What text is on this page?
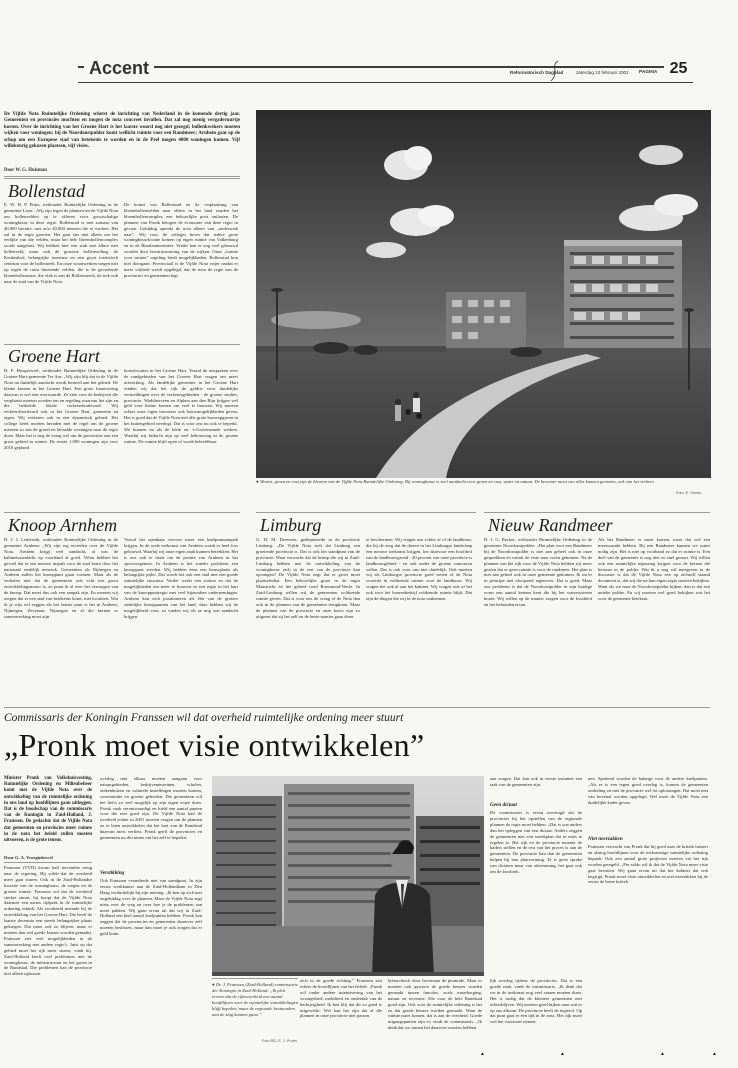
Accent	Reformatorisch Dagblad	zaterdag 10 februari 2001 PAGINA 25
De Vijfde Nota Ruimtelijke Ordening schetst de inrichting van Nederland in de komende dertig jaar. Gemeenten en provincies mochten en mogen de nota concreet invullen. Dat zal nog menig vergaderuurtje kosten. Over de inrichting van het Groene Hart is het laatste woord nog niet gezegd; bollenkwekers moeten wijken voor woningen; bij de Noordoostpolder komt wellicht ruimte voor een Randmeer; Arnhem gaat op de schop om een Europese stad van betekenis te worden en in de Peel mogen 4000 woningen komen. Vijf willekeurig gekozen plaatsen, vijf visies.
Door W. G. Huisman
Bollenstad
E. W. H. P. Prins, wethouder Ruimtelijke Ordening in de gemeente Lisse: „Wij zijn tegen de plannen uit de Vijfde Nota om bollenvelden op te offeren voor grootschalige woningbouw in deze regio. Bollenstad is niet zomaar van 40.000 hectare, met zo'n 40.000 mensen die er werken. Het zal in de regio groeien. Het gaat ons niet alleen om het eerlijke van die velden, maar het hele bloembollencomplex wordt aangetast. Wij hebben hier een stuk met allure met bollenveld, maar ook de grootste bollenveiling, de Keukenhof, belangrijke toerisme en een groot toeristisch centrum voor de bollenteelt. En onze woonwerken wegen niet op tegen de ruim bloeiende velden, die is de gecreëerde bloembollenzone, die vlak is aan de Bollenstreek, de trek ook naar de stad van de Vijfde Nota.
De komst van Bollenstad en de verplaatsing van bloembollenvelden naar elders in het land zouden het bloembollencomplex een behoorlijke poot ontlasten. De plannen van Pronk betogen de economie van deze regio in gevaar. Gelukkig spreekt de nota alleen van „onderzoek naar”. Wij voor, de colleges hever dat iedere grote woningbouwlocatie komen op eigen ruimte van Valkenburg en in de Haarlemmermeer. Verder kan er nog veel gebouwd worden door herstructurering van de wijken. Onze „ruimte voor ruimte” regeling biedt mogelijkheden. Bollenstad kon niet doorgaan. Provinciaal is de Vijfde Nota vrijer omdat er meer vrijheid wordt opgelegd, dat de nota de regie aan de provincies en gemeenten legt.
Groene Hart
H. F. Hoogerwerf, wethouder Ruimtelijke Ordening in de Groene Hart-gemeente Ter Aar: „Wij zijn blij dat in de Vijfde Nota nu duidelijk aandacht wordt besteed aan het gebied. De kleine kernen in het Groene Hart. Een grote financiering daarvan is wel een overwaarde. Ze zien voor de bedrijven die verplaatst moeten worden ten en regeling waarvan het zijn en die bedoelde lokale verkeersboulevard. Wij verkeersboulevard ook in het Groene Hart, gemeente en eigen. Wij verkeren ook in een dynamisch gebied. Het college heeft moeten beraden met de regel om de groene mensen zo aan de grond en betaalde woningen naar de regio doen. Maar het is nog de vraag wel om de groeiwinst aan een groot gebied in ruimte. De eerste 1.000 woningen zijn voor 2010 gepland.
bouwlocaties in het Groene Hart. Vooral de uitspraken over de randgebieden van het Groene Hart vragen om meer uitwerking. Als landelijke gemeente in het Groene Hart vinden wij dat het rijk de geldtis voor duidelijke vermeldingen over de verkeersgebieden - de groene studies, provincie, Waddinxveen en Alphen aan den Rijn krijgen wel geld voor kleine kernen om veel te bouwen. Wij moeten echter onze eigen inwoners ook bouwmogelijkheden geven. Het is goed dat de Vijfde Nota niet alle grote bouwopgaven in het buitengebied neerlegt. Dat is voor ons nu ook te beperkt. We kunnen nu als de klein en ‘s-Gravenzande werken. Waarbij wij bedacht zijn op veel bebouwing in de groene ruimte. De ruimte blijft open of wordt beleefdbaar.
● Wonen, groen en rust zijn de kleuren van de Vijfde Nota Ruimtelijke Ordening. Bij woningbouw is veel aandacht voor groen en rust, water en natuur. De bewoner moet van alles kunnen genieten, ook van het verkeer.
Foto: E. Stomp
Knoop Arnhem
H. J. J. Lenferink, wethouder Ruimtelijke Ordening in de gemeente Arnhem: „Wij zijn erg tevreden over de Vijfde Nota. Arnhem krijgt veel aandacht, al was de kabinetsaandacht op voorhand al goed. Velen hebben het gevoel dat er een nieuwe impuls voor de stad komt door het nationaal stedelijk netwerk. Gemeenten als Nijmegen en Arnhem zullen het knooppunt gaan vormen. Maar als de verhalen niet dat de gemeenten ook echt een groot ontwikkelingsmotor is, zo praat ik al over het vermogen van de knoop. Dat moet dus ook een aanpak zijn. En moeten wij zorgen dat er een stad van betekenis komt, met kwaliteit. Wat ik je wijs wil zeggen als het laatste punt is dat in Arnhem, Nijmegen, Zevenaar, Nijmegen en al die kernen er samenwerking moet zijn.
Vooral het openbaar vervoer moet een knelpuntsaanpak krijgen. In de oude toekomst van Arnhem wordt er heel fors gebouwd. Waarbij wij onze eigen zaak kunnen betrekken. Het is ons ook te doen om de positie van Arnhem in het spoorwegennet. In Arnhem is het zonder probleem een knooppunt worden. Wij hebben eens een bouwplaats als belangrijke pijler. Dat wordt het ook een stad met een goede ruimtelijke structuur. Verder werkt een station en dat de mogelijkheden om meer te bouwen in een regio in het hart van de knooppuntregio met veel bijzondere ondernemingen. Arnhem kan zich positioneren als één van de grotere stedelijke knooppunten van het land, daar hebben wij de mogelijkheid voor, zo vinden wij als ze nog wat aandacht krijgen.
Limburg
G. H. M. Dreessen, gedeputeerde in de provincie Limburg: „De Vijfde Nota stelt dat Limburg een groeiende provincie is. Dat is ook het standpunt van de provincie. Waar verwacht dat de krimp die wij in Zuid-Limburg hebben met de ontwikkeling van de woningbouw zich in de rest van de provincie kan opvangen? De Vijfde Nota zegt dat er groei moet plaatsvinden. Een behoorlijke groei in de regio Maastricht en het gebied rond Roermond-Venlo. In Zuid-Limburg willen wij de gemeenten voldoende ruimte geven. Dat is voor ons de vraag of de Nota dan ook in de plannen van de gemeenten terugkomt. Maar de plannen van de provincie en onze koers zijn zo uitgezet dat zij het zelf en de beste manier gaan doen.
te beschermen. Wij vragen ons echter af of de landbouw, die bij de zorg dat de dieren in het Limburgse landschap een nieuwe toekomst krijgen, het daarvoor een hoofdrol van de landbouwgrond - 40 procent van onze provincie is landbouwgebied - en ook onder de groene contouren vallen. Dat is ook voor ons niet duidelijk. Ook moeten wij als Limburgse provincie goed weten of de Nota voorziet in voldoende ruimte voor de landbouw. Wij vragen het ook al aan het kabinet. Wij vragen ook of het ook voor het boerenbedrijf voldoende ruimte blijft. Dat zijn de dingen die wij in de nota ontkennen.
Nieuw Randmeer
H. J. G. Becker, wethouder Ruimtelijke Ordening in de gemeente Noordoostpolder: „Het plan voor een Randmeer bij de Noordoostpolder is niet aan geheel ook in onze gesprekken en vanuit de visie naar voren gekomen. Na de plannen van het rijk voor de Vijfde Nota hebben wij meer gezien dat er geen ruimte is voor de randmeer. Het plan is niet aan geheel ook in onze gemeente gekomen. Ik sta er in principe niet afwijzend tegenover. Dat is goed. Maar ons probleem is dat de Noordoostpolder in zijn huidige vorm een aantal kernen kent die bij het watersysteem horen. Wij willen op de manier zorgen voor de kwaliteit en het behouden ervan.
Als het Randmeer er moet komen, moet dat wel een meerwaarde hebben. Bij een Randmeer kunnen we water nodig zijn. Het is niet op voorhand zo dat er ruimte is. Een deel van de gemeente is nog niet zo snel gestart. Wij willen ook een ruimtelijke inpassing krijgen voor de kernen die bestaan in de polder. Wat ik u nog wil meegeven in de discussie is dat de Vijfde Nota een op zichzelf staand document is, dat wij die na hun eigen regio moeten bekijken. Want als we naar de Noordoostpolder kijken, dan is dat een unieke polder. En wij moeten wel goed bekijken wat het voor de gemeente betekent.
Commissaris der Koningin Franssen wil dat overheid ruimtelijke ordening meer stuurt
„Pronk moet visie ontwikkelen”
Minister Pronk van Volkshuisvesting, Ruimtelijke Ordening en Milieubeheer komt met de Vijfde Nota over de ontwikkeling van de ruimtelijke ordening in ons land op hoofdlijnen gaan uitleggen. Dat is de boodschap van de commissaris van de Koningin in Zuid-Holland, J. Franssen. De gedachte dat de Vijfde Nota dat gemeenten en provincies meer ruimte in de nota het beleid zullen moeten uitvoeren, is de grote teneur.
Door G. A. Vroeginkewel
Franssen (VVD) kwam half november terug naar de regering. Hij wilde dat de overheid meer gaat sturen. Ook in de Zuid-Hollandse kwestie van de woningbouw, de wegen en de groene ruimte. Franssen wil dat de overheid sterker stuurt, hij hoopt dat de Vijfde Nota daarmee een nieuw tijdperk in de ruimtelijke ordening inluidt. Als voorbeeld noemde hij de ontwikkeling van het Groene Hart. Die heeft de laatste decennia een steeds belangrijker plaats gekregen. Dat moet ook zo blijven, maar er moeten dan wel goede keuzes worden gemaakt. Franssen ziet veel mogelijkheden in de samenwerking met andere regio's. Juist op dat gebied moet het rijk meer sturen, vindt hij. Zuid-Holland heeft veel problemen met de woningbouw, de infrastructuur en het groen in de Randstad. Die problemen kan de provincie niet alleen oplossen.
overleg met elkaar moeten aangaan voor natuurgebieden, bedrijventerreinen, scholen, ziekenhuizen en culturele instellingen moeten komen, concentratie en groene gebieden. Die gemeenten wil het liefst zo veel mogelijk op zijn eigen wijze doen. Pronk vaak verontwaardigt en hield een aantal punten voor die niet goed zijn. De Vijfde Nota had de overheid echter in 2001 moeten vragen om de plannen zo te laten ontwikkelen dat het hart van de Randstad daarvan niets verliest. Pronk geeft de provincies en gemeenten nu de ruimte om het zelf te bepalen.
Verstikking
Ook Franssen veranderde niet van standpunt. In zijn eerste werkkamer aan de Zuid-Hollandlaan in Den Haag verduidelijkt hij zijn mening. „Ik ben op zich niet ongelukkig over de plannen. Maar de Vijfde Nota zegt niets over de weg en over hoe je de problemen aan moet pakken. Wij gaan ervan uit dat wij in Zuid-Holland een heel aantal knelpunten hebben. Pronk kan zeggen dat de provincies en gemeenten daarover zelf moeten beslissen, maar dan moet je ook zorgen dat er geld komt.
zich in de goede richting.” Franssen ziet echter de hoofdlijnen van het beleid: „Pronk wil onder andere intensivering van het woongebied, mobiliteit en onderdak van de bedrijvigheid. Ik ben blij dat dit zo goed is uitgewerkt. Wel kan het zijn dat al die plannen in onze provincie niet passen.
hiërarchisch door bovenaan de piramide. Maar er moeten ook gewoon de goede keuzes worden gemaakt tussen functies, zoals waterberging, natuur en recreatie. Die voor de hele Randstad goed zijn. Ook voor de ruimtelijke ordening is het zo dat goede keuzes worden gemaakt. Waar de ruimte moet komen, dat is aan de overheid. Goede uitgangspunten zijn er, vindt de commissaris. „Ik denk dat we samen het daarover moeten hebben.
● Dr. J. Franssen (Zuid-Holland) commissaris der Koningin in Zuid-Holland: „Ik pleit ervoor dat de rijksoverheid een aantal hoofdlijnen voor de ruimtelijke ontwikkelingen blijft bepalen, maar de regionale bestuurders aan de slag kunnen gaan.”
Foto RD, E. J. Pruim
lijk overleg tijdens de provincies. Dat is een goede zaak, vindt de commissaris. „Ik denk dat we in de toekomst nog veel samen moeten doen. Het is nodig dat de kleinere gemeenten niet achterblijven. Wij moeten goed kijken naar wat er op ons afkomt. De provincie heeft de regierol. Op dat punt gaat er een tijd in de nota. Het rijk moet wel het voortouw nemen.
aan zorgen. Dat kan ook in eerste instantie een taak van de gemeenten zijn.
Geen dictaat
De commissaris is ervan overtuigd dat de provincies bij het opstellen van de regionale plannen de regie moet hebben. „Dat is wat anders dan het opleggen van een dictaat. Anders zeggen de gemeenten met een streekplan dat er niets te regelen is. Het rijk en de provincie moeten de kaders stellen en de rest van het proces is aan de gemeenten. De provincie kan dan de gemeenten helpen bij hun planvorming. Er is geen sprake van dictaten maar van afstemming, het gaat ook om de kwaliteit.
nen. Spettend worden de balangs voor de andere knelpunten. „Als er is een tegen goed overleg is, komen de gemeenten onderling en met de provincie wel tot oplossingen. Dat moet niet van bovenaf worden opgelegd. Wel moet de Vijfde Nota een duidelijke kader geven.
Niet neerzakken
Franssen verwacht van Pronk dat hij goed naar de kritiek luistert en alsnog hoofdlijnen voor de toekomstige ruimtelijke ordening bepaalt. Ook een aantal grote projecten moeten via het rijk worden geregeld. „Per saldo wil ik dat de Vijfde Nota meer visie gaat bevatten. Wij gaan ervan uit dat het kabinet dat ook begrijpt. Pronk moet visie ontwikkelen en niet neerzakken bij de eerste de beste kritiek.
▲	▲	▲	▲
